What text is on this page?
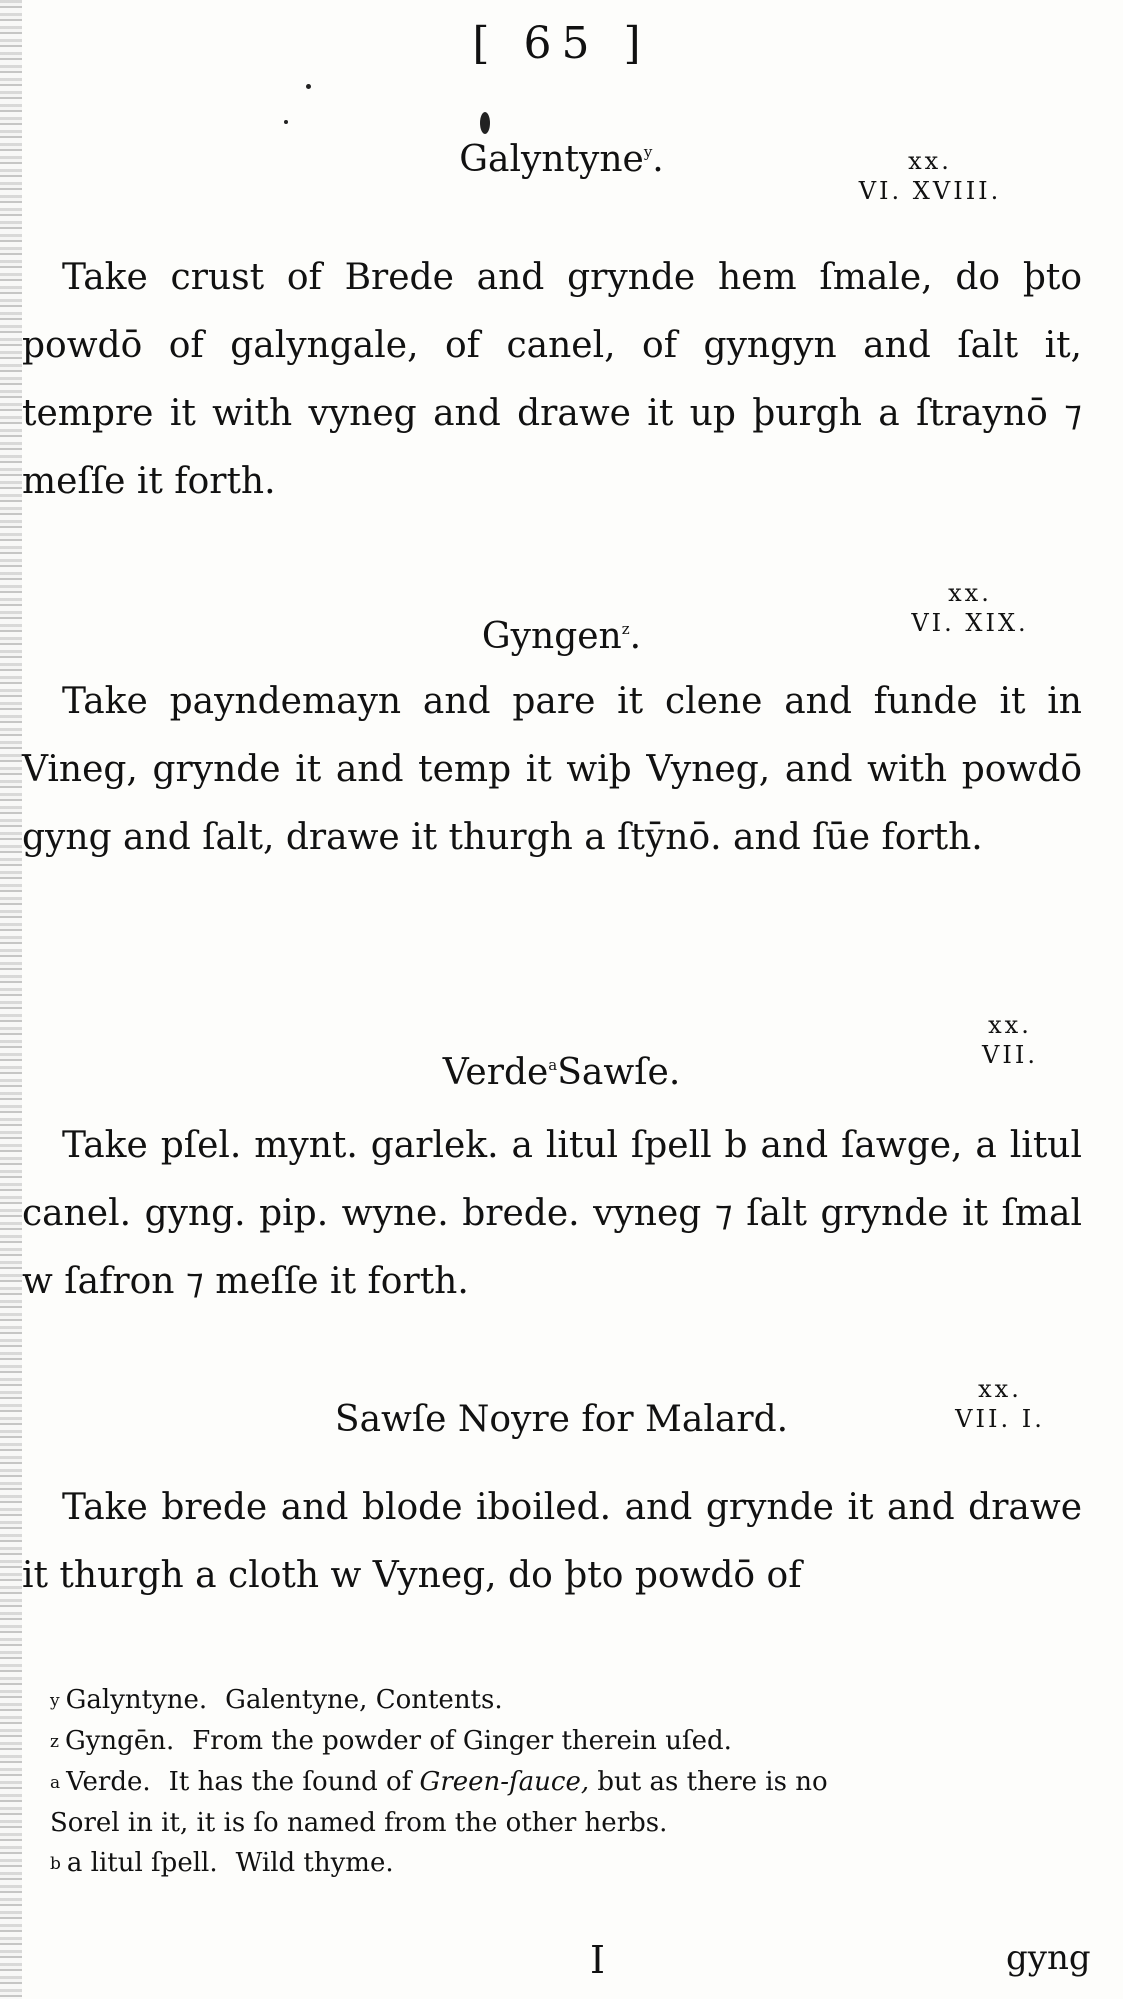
[ 65 ]
Galyntyne$^y$.	xx.
VI. XVIII.

Take crust of Brede and grynde hem ſmale, do þto powdō of galyngale, of canel, of gyngyn and ſalt it, tempre it with vyneg and drawe it up þurgh a ſtraynō ⁊ meſſe it forth.

Gyngen$^z$.
xx.
VI. XIX.

Take payndemayn and pare it clene and funde it in Vineg, grynde it and temp it wiþ Vyneg, and with powdō gyng and ſalt, drawe it thurgh a ſtȳnō. and ſūe forth.

Verde$^a$Sawſe.
xx.
VII.

Take pſel. mynt. garlek. a litul ſpell b and ſawge, a litul canel. gyng. pip. wyne. brede. vyneg ⁊ ſalt grynde it ſmal w ſafron ⁊ meſſe it forth.

Sawſe Noyre for Malard.
xx.
VII. I.

Take brede and blode iboiled. and grynde it and drawe it thurgh a cloth w Vyneg, do þto powdō of

y Galyntyne. Galentyne, Contents.

z Gyngēn. From the powder of Ginger therein uſed.

a Verde. It has the ſound of Green-ſauce, but as there is no

Sorel in it, it is ſo named from the other herbs.

b a litul ſpell. Wild thyme.

I	gyng
